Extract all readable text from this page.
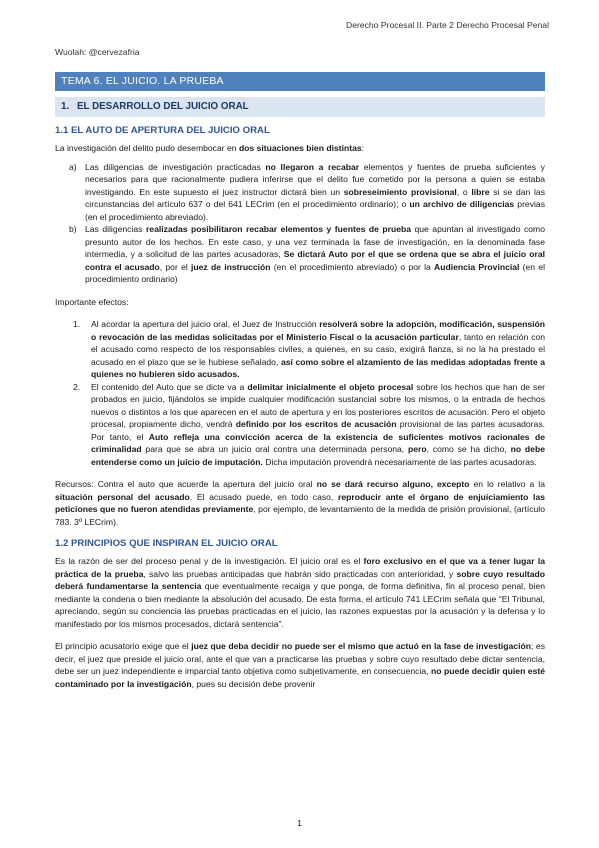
Derecho Procesal II. Parte 2 Derecho Procesal Penal
Wuolah: @cervezafria
TEMA 6. EL JUICIO. LA PRUEBA
1. EL DESARROLLO DEL JUICIO ORAL
1.1 EL AUTO DE APERTURA DEL JUICIO ORAL

La investigación del delito pudo desembocar en dos situaciones bien distintas:

a) Las diligencias de investigación practicadas no llegaron a recabar elementos y fuentes de prueba suficientes y necesarios para que racionalmente pudiera inferirse que el delito fue cometido por la persona a quien se estaba investigando. En este supuesto el juez instructor dictará bien un sobreseimiento provisional, o libre si se dan las circunstancias del artículo 637 o del 641 LECrim (en el procedimiento ordinario); o un archivo de diligencias previas (en el procedimiento abreviado).
b) Las diligencias realizadas posibilitaron recabar elementos y fuentes de prueba que apuntan al investigado como presunto autor de los hechos. En este caso, y una vez terminada la fase de investigación, en la denominada fase intermedia, y a solicitud de las partes acusadoras, Se dictará Auto por el que se ordena que se abra el juicio oral contra el acusado, por el juez de instrucción (en el procedimiento abreviado) o por la Audiencia Provincial (en el procedimiento ordinario)

Importante efectos:

1. Al acordar la apertura del juicio oral, el Juez de Instrucción resolverá sobre la adopción, modificación, suspensión o revocación de las medidas solicitadas por el Ministerio Fiscal o la acusación particular, tanto en relación con el acusado como respecto de los responsables civiles, a quienes, en su caso, exigirá fianza, si no la ha prestado el acusado en el plazo que se le hubiese señalado, así como sobre el alzamiento de las medidas adoptadas frente a quienes no hubieren sido acusados.
2. El contenido del Auto que se dicte va a delimitar inicialmente el objeto procesal sobre los hechos que han de ser probados en juicio, fijándolos se impide cualquier modificación sustancial sobre los mismos, o la entrada de hechos nuevos o distintos a los que aparecen en el auto de apertura y en los posteriores escritos de acusación. Pero el objeto procesal, propiamente dicho, vendrá definido por los escritos de acusación provisional de las partes acusadoras. Por tanto, el Auto refleja una convicción acerca de la existencia de suficientes motivos racionales de criminalidad para que se abra un juicio oral contra una determinada persona, pero, como se ha dicho, no debe entenderse como un juicio de imputación. Dicha imputación provendrá necesariamente de las partes acusadoras.

Recursos: Contra el auto que acuerde la apertura del juicio oral no se dará recurso alguno, excepto en lo relativo a la situación personal del acusado. El acusado puede, en todo caso, reproducir ante el órgano de enjuiciamiento las peticiones que no fueron atendidas previamente, por ejemplo, de levantamiento de la medida de prisión provisional, (artículo 783. 3º LECrim).

1.2 PRINCIPIOS QUE INSPIRAN EL JUICIO ORAL

Es la razón de ser del proceso penal y de la investigación. El juicio oral es el foro exclusivo en el que va a tener lugar la práctica de la prueba, salvo las pruebas anticipadas que habrán sido practicadas con anterioridad, y sobre cuyo resultado deberá fundamentarse la sentencia que eventualmente recaiga y que ponga, de forma definitiva, fin al proceso penal, bien mediante la condena o bien mediante la absolución del acusado. De esta forma, el artículo 741 LECrim señala que “El Tribunal, apreciando, según su conciencia las pruebas practicadas en el juicio, las razones expuestas por la acusación y la defensa y lo manifestado por los mismos procesados, dictará sentencia”.

El principio acusatorio exige que el juez que deba decidir no puede ser el mismo que actuó en la fase de investigación; es decir, el juez que preside el juicio oral, ante el que van a practicarse las pruebas y sobre cuyo resultado debe dictar sentencia, debe ser un juez independiente e imparcial tanto objetiva como subjetivamente, en consecuencia, no puede decidir quien esté contaminado por la investigación, pues su decisión debe provenir

1
